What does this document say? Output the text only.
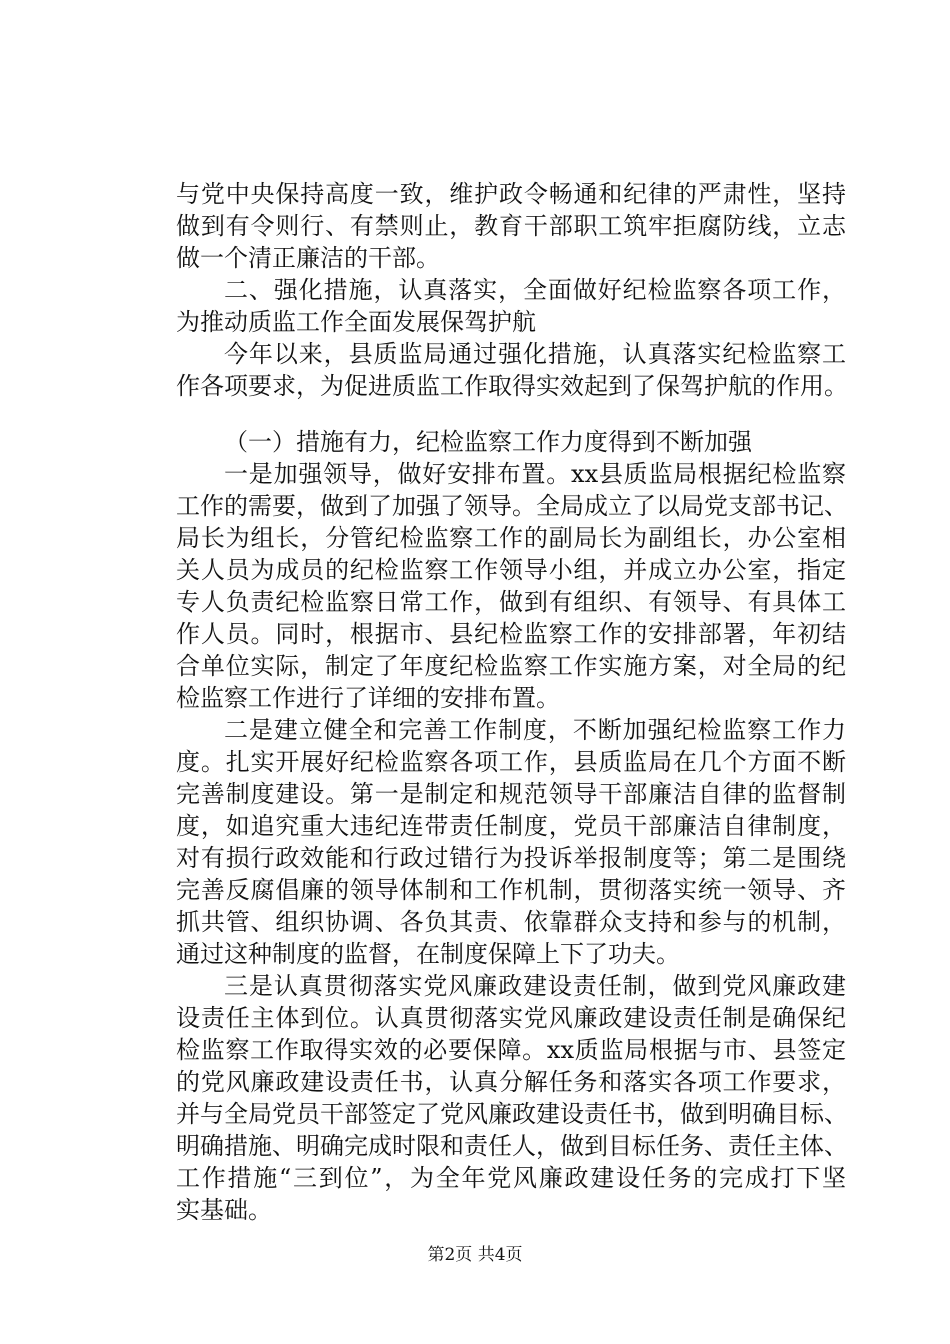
与党中央保持高度一致，维护政令畅通和纪律的严肃性，坚持
做到有令则行、有禁则止，教育干部职工筑牢拒腐防线，立志
做一个清正廉洁的干部。
二、强化措施，认真落实，全面做好纪检监察各项工作，
为推动质监工作全面发展保驾护航
今年以来，县质监局通过强化措施，认真落实纪检监察工
作各项要求，为促进质监工作取得实效起到了保驾护航的作用。
（一）措施有力，纪检监察工作力度得到不断加强
一是加强领导，做好安排布置。xx县质监局根据纪检监察
工作的需要，做到了加强了领导。全局成立了以局党支部书记、
局长为组长，分管纪检监察工作的副局长为副组长，办公室相
关人员为成员的纪检监察工作领导小组，并成立办公室，指定
专人负责纪检监察日常工作，做到有组织、有领导、有具体工
作人员。同时，根据市、县纪检监察工作的安排部署，年初结
合单位实际，制定了年度纪检监察工作实施方案，对全局的纪
检监察工作进行了详细的安排布置。
二是建立健全和完善工作制度，不断加强纪检监察工作力
度。扎实开展好纪检监察各项工作，县质监局在几个方面不断
完善制度建设。第一是制定和规范领导干部廉洁自律的监督制
度，如追究重大违纪连带责任制度，党员干部廉洁自律制度，
对有损行政效能和行政过错行为投诉举报制度等；第二是围绕
完善反腐倡廉的领导体制和工作机制，贯彻落实统一领导、齐
抓共管、组织协调、各负其责、依靠群众支持和参与的机制，
通过这种制度的监督，在制度保障上下了功夫。
三是认真贯彻落实党风廉政建设责任制，做到党风廉政建
设责任主体到位。认真贯彻落实党风廉政建设责任制是确保纪
检监察工作取得实效的必要保障。xx质监局根据与市、县签定
的党风廉政建设责任书，认真分解任务和落实各项工作要求，
并与全局党员干部签定了党风廉政建设责任书，做到明确目标、
明确措施、明确完成时限和责任人，做到目标任务、责任主体、
工作措施“三到位”，为全年党风廉政建设任务的完成打下坚
实基础。
第2页 共4页
